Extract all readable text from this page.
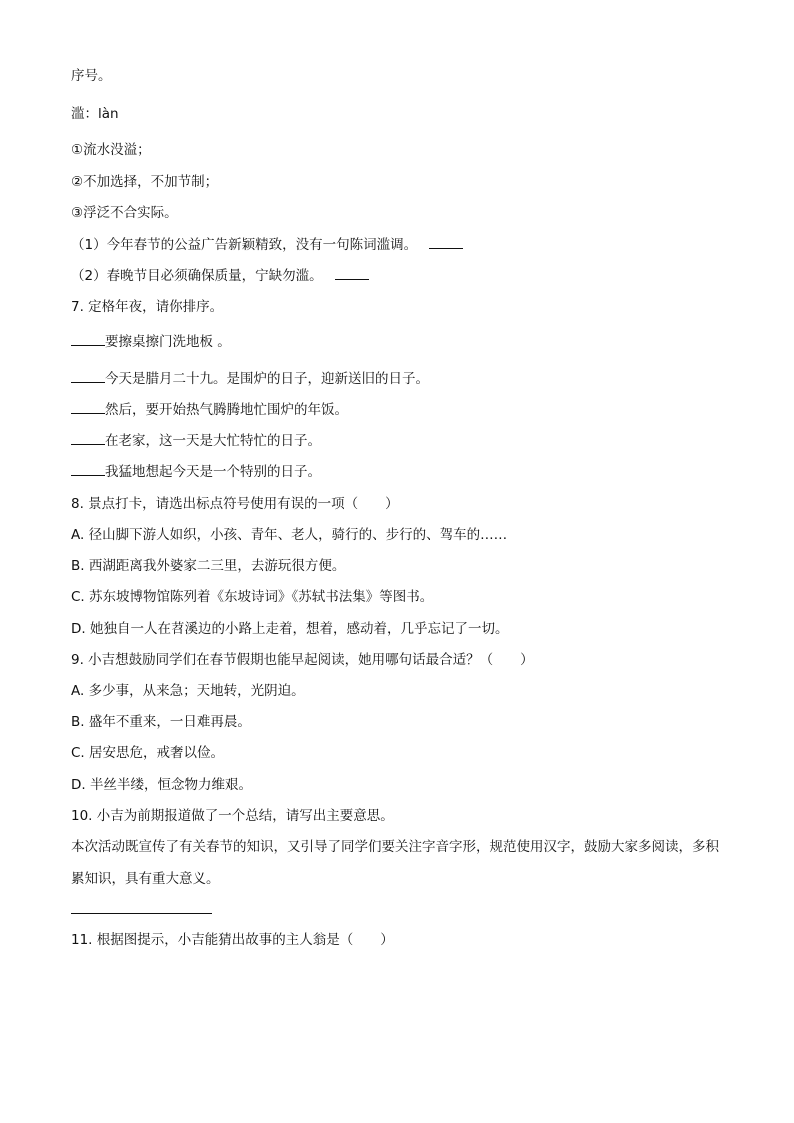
序号。
滥：làn
①流水没溢；
②不加选择，不加节制；
③浮泛不合实际。
（1）今年春节的公益广告新颖精致，没有一句陈词滥调。
（2）春晚节目必须确保质量，宁缺勿滥。
7. 定格年夜，请你排序。
要擦桌擦门洗地板 。
今天是腊月二十九。是围炉的日子，迎新送旧的日子。
然后，要开始热气腾腾地忙围炉的年饭。
在老家，这一天是大忙特忙的日子。
我猛地想起今天是一个特别的日子。
8. 景点打卡，请选出标点符号使用有误的一项（　　）
A. 径山脚下游人如织，小孩、青年、老人，骑行的、步行的、驾车的……
B. 西湖距离我外婆家二三里，去游玩很方便。
C. 苏东坡博物馆陈列着《东坡诗词》《苏轼书法集》等图书。
D. 她独自一人在苕溪边的小路上走着，想着，感动着，几乎忘记了一切。
9. 小吉想鼓励同学们在春节假期也能早起阅读，她用哪句话最合适？（　　）
A. 多少事，从来急；天地转，光阴迫。
B. 盛年不重来，一日难再晨。
C. 居安思危，戒奢以俭。
D. 半丝半缕，恒念物力维艰。
10. 小吉为前期报道做了一个总结，请写出主要意思。
本次活动既宣传了有关春节的知识，又引导了同学们要关注字音字形，规范使用汉字，鼓励大家多阅读，多积累知识，具有重大意义。
11. 根据图提示，小吉能猜出故事的主人翁是（　　）
